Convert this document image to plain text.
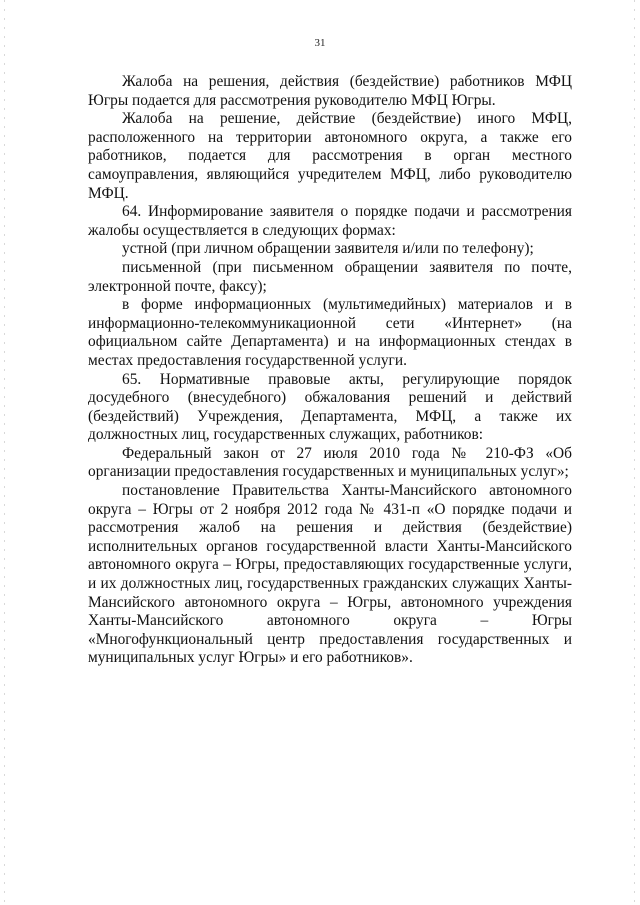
31

Жалоба на решения, действия (бездействие) работников МФЦ Югры подается для рассмотрения руководителю МФЦ Югры.

Жалоба на решение, действие (бездействие) иного МФЦ, расположенного на территории автономного округа, а также его работников, подается для рассмотрения в орган местного самоуправления, являющийся учредителем МФЦ, либо руководителю МФЦ.

64. Информирование заявителя о порядке подачи и рассмотрения жалобы осуществляется в следующих формах:

устной (при личном обращении заявителя и/или по телефону);

письменной (при письменном обращении заявителя по почте, электронной почте, факсу);

в форме информационных (мультимедийных) материалов и в информационно-телекоммуникационной сети «Интернет» (на официальном сайте Департамента) и на информационных стендах в местах предоставления государственной услуги.

65. Нормативные правовые акты, регулирующие порядок досудебного (внесудебного) обжалования решений и действий (бездействий) Учреждения, Департамента, МФЦ, а также их должностных лиц, государственных служащих, работников:

Федеральный закон от 27 июля 2010 года № 210-ФЗ «Об организации предоставления государственных и муниципальных услуг»;

постановление Правительства Ханты-Мансийского автономного округа – Югры от 2 ноября 2012 года № 431-п «О порядке подачи и рассмотрения жалоб на решения и действия (бездействие) исполнительных органов государственной власти Ханты-Мансийского автономного округа – Югры, предоставляющих государственные услуги, и их должностных лиц, государственных гражданских служащих Ханты-Мансийского автономного округа – Югры, автономного учреждения Ханты-Мансийского автономного округа – Югры «Многофункциональный центр предоставления государственных и муниципальных услуг Югры» и его работников».
